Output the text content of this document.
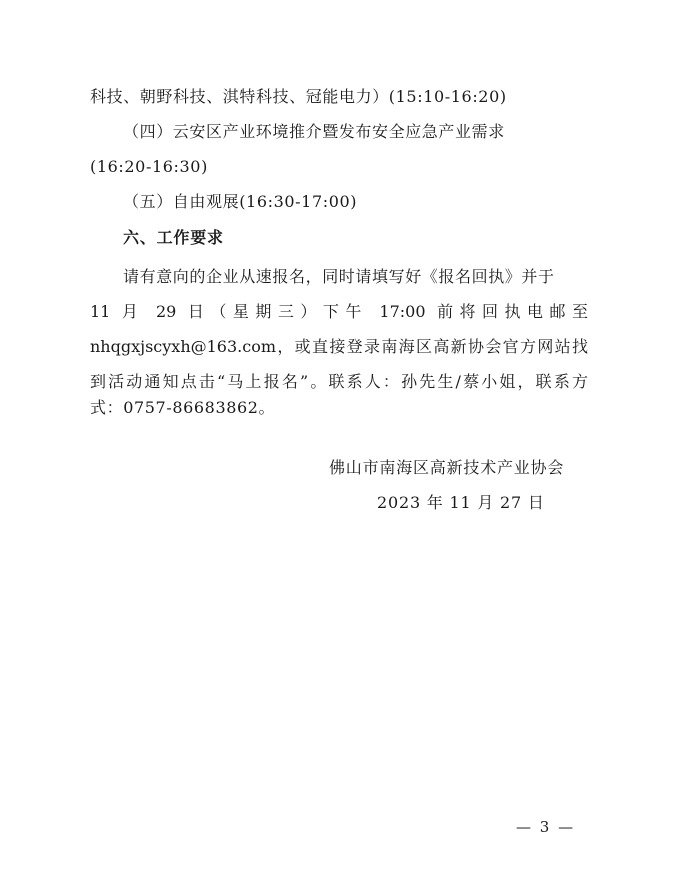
科技、朝野科技、淇特科技、冠能电力）(15:10-16:20)
（四）云安区产业环境推介暨发布安全应急产业需求
(16:20-16:30)
（五）自由观展(16:30-17:00)
六、工作要求
请有意向的企业从速报名，同时请填写好《报名回执》并于
11 月 29 日（星期三）下午 17:00 前将回执电邮至
nhqgxjscyxh@163.com，或直接登录南海区高新协会官方网站找
到活动通知点击“马上报名”。联系人：孙先生/蔡小姐，联系方
式：0757-86683862。
佛山市南海区高新技术产业协会
2023 年 11 月 27 日
— 3 —
